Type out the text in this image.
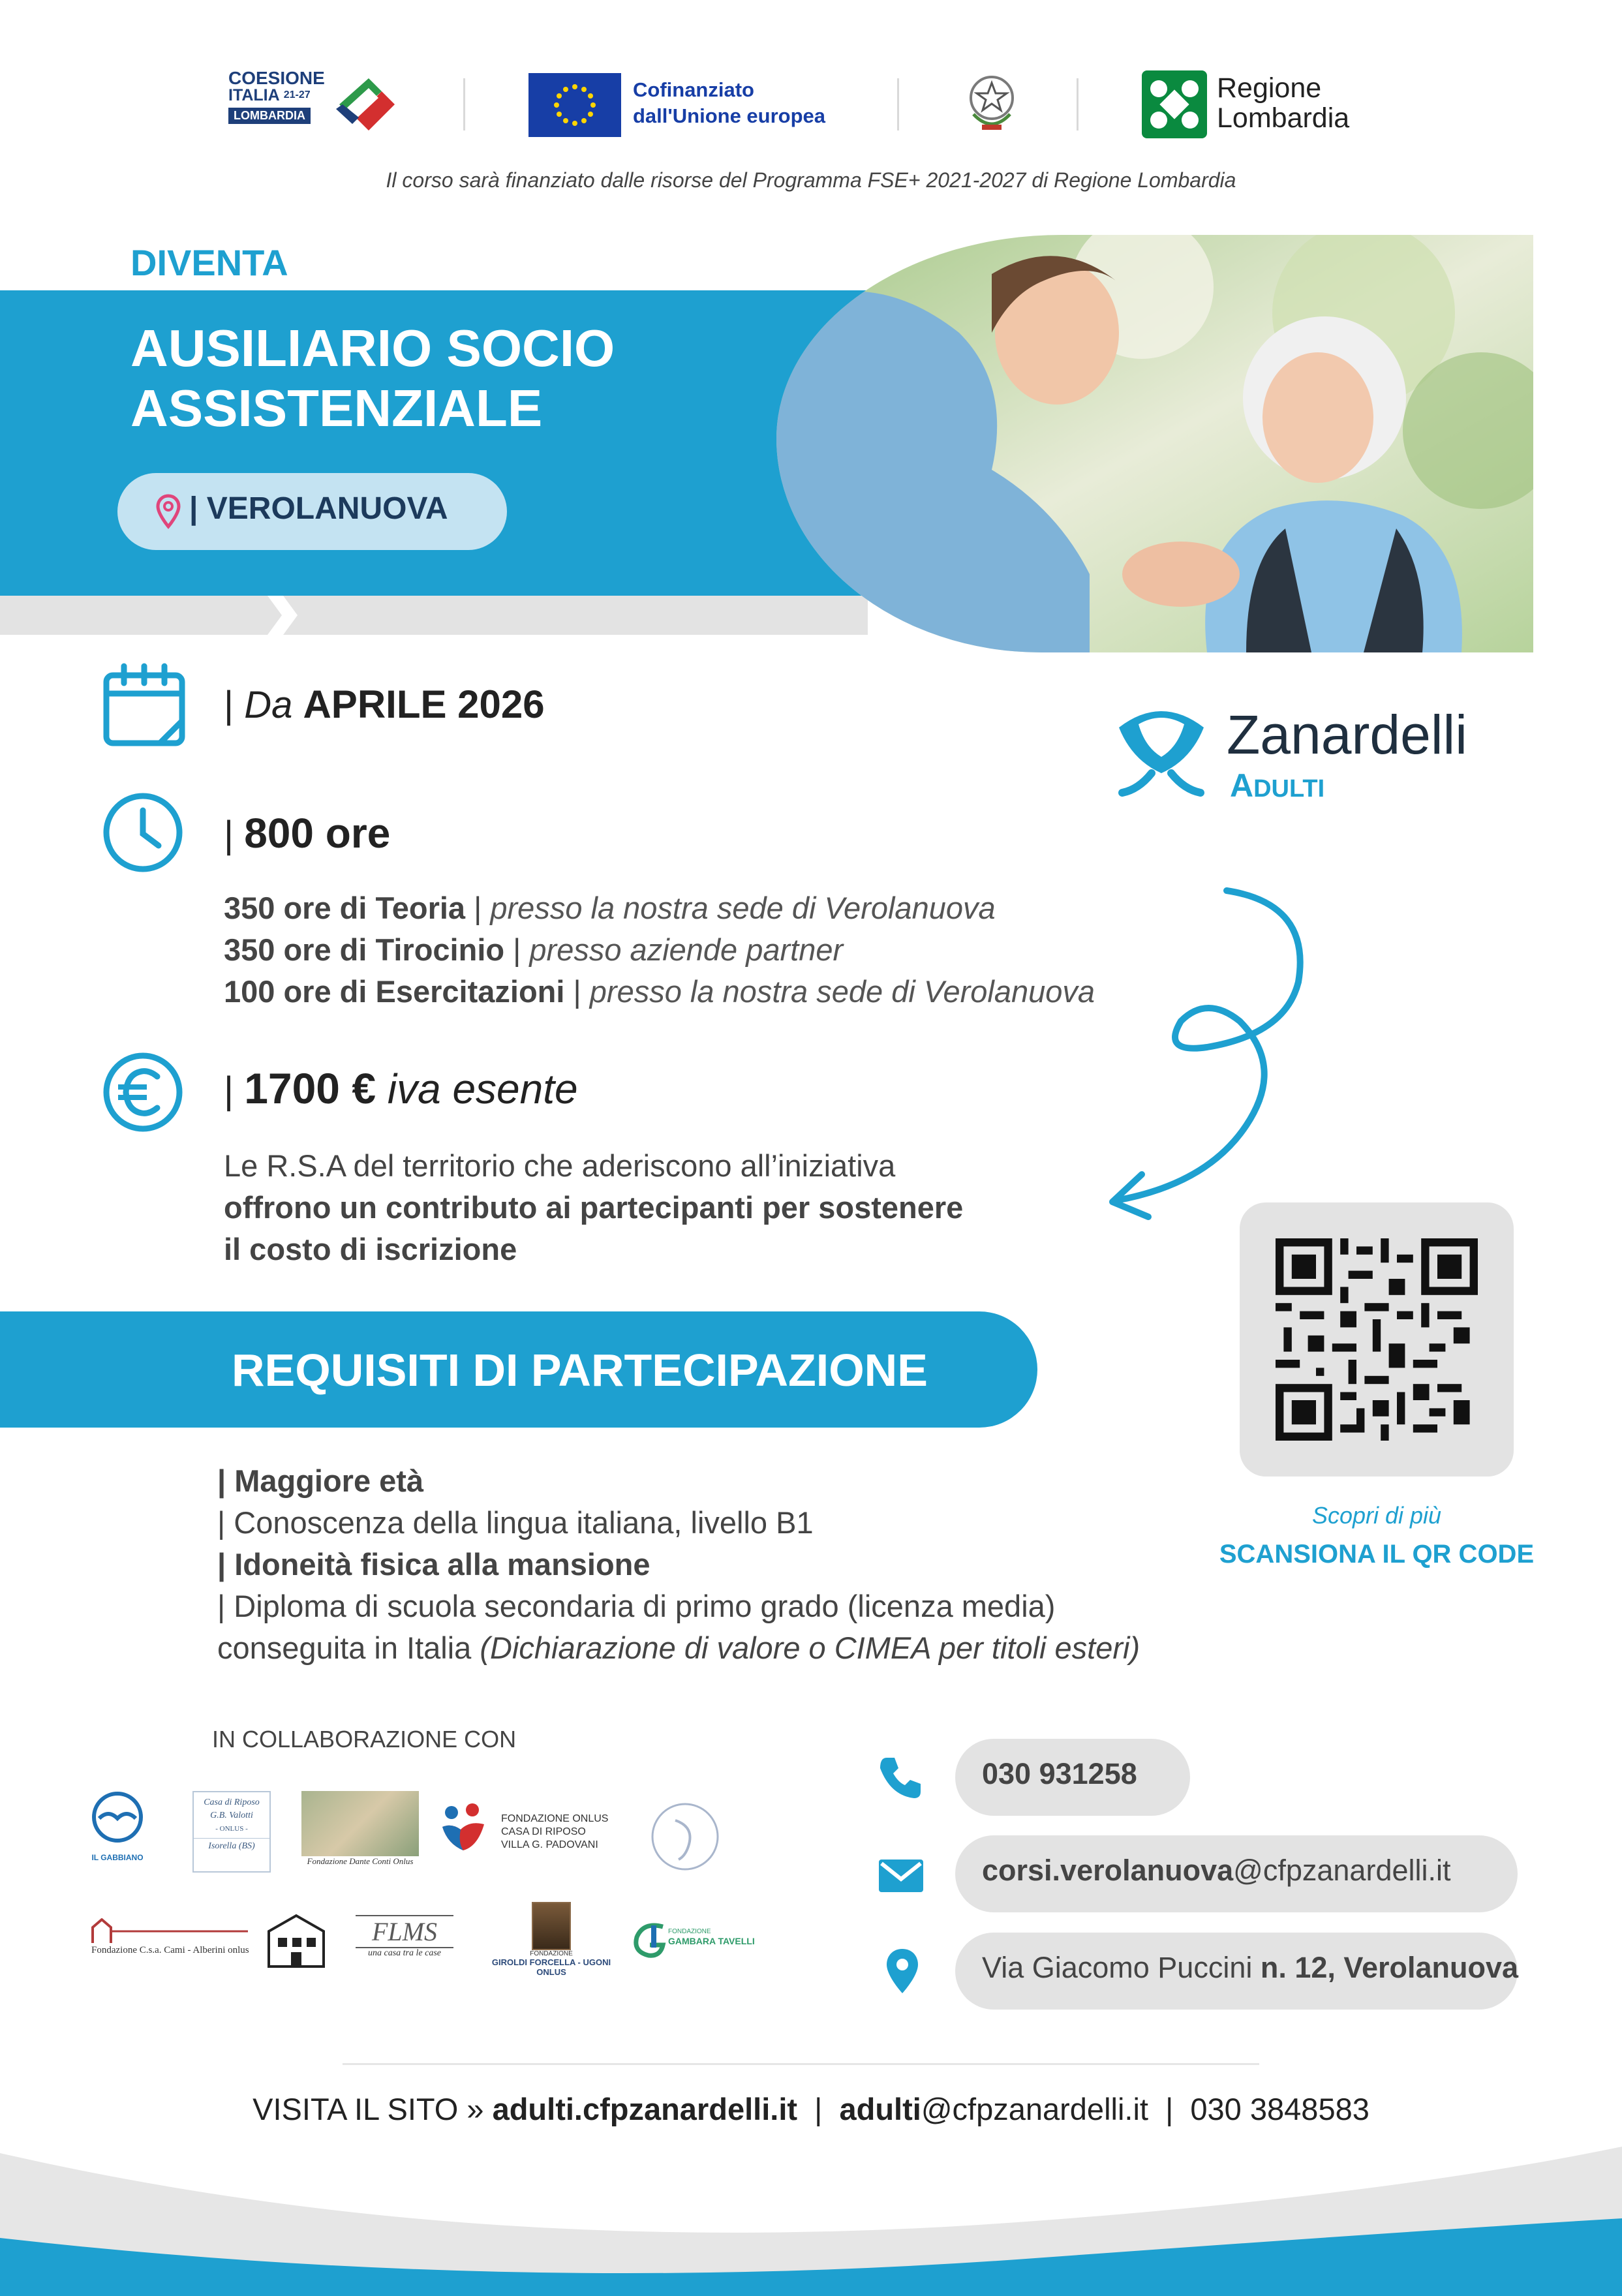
COESIONE
ITALIA $^{21-27}$
LOMBARDIA
Cofinanziato
dall'Unione europea
Regione
Lombardia
Il corso sarà finanziato dalle risorse del Programma FSE+ 2021-2027 di Regione Lombardia
DIVENTA
AUSILIARIO SOCIO
ASSISTENZIALE
| VEROLANUOVA
| Da APRILE 2026
| 800 ore
350 ore di Teoria | presso la nostra sede di Verolanuova
350 ore di Tirocinio | presso aziende partner
100 ore di Esercitazioni | presso la nostra sede di Verolanuova
| 1700 € iva esente
Le R.S.A del territorio che aderiscono all’iniziativa
offrono un contributo ai partecipanti per sostenere
il costo di iscrizione
Zanardelli
ADULTI
REQUISITI DI PARTECIPAZIONE
| Maggiore età
| Conoscenza della lingua italiana, livello B1
| Idoneità fisica alla mansione
| Diploma di scuola secondaria di primo grado (licenza media)
conseguita in Italia (Dichiarazione di valore o CIMEA per titoli esteri)
Scopri di più
SCANSIONA IL QR CODE
IN COLLABORAZIONE CON
IL GABBIANO
Casa di Riposo
G.B. Valotti
- ONLUS -
Isorella (BS)
Fondazione Dante Conti Onlus
FONDAZIONE ONLUS
CASA DI RIPOSO
VILLA G. PADOVANI
Fondazione C.s.a. Cami - Alberini onlus
FLMS
una casa tra le case	FONDAZIONE
GIROLDI FORCELLA - UGONI ONLUS
FONDAZIONE
GAMBARA TAVELLI
030 931258
corsi.verolanuova@cfpzanardelli.it
Via Giacomo Puccini n. 12, Verolanuova
VISITA IL SITO » adulti.cfpzanardelli.it  |  adulti@cfpzanardelli.it  |  030 3848583
